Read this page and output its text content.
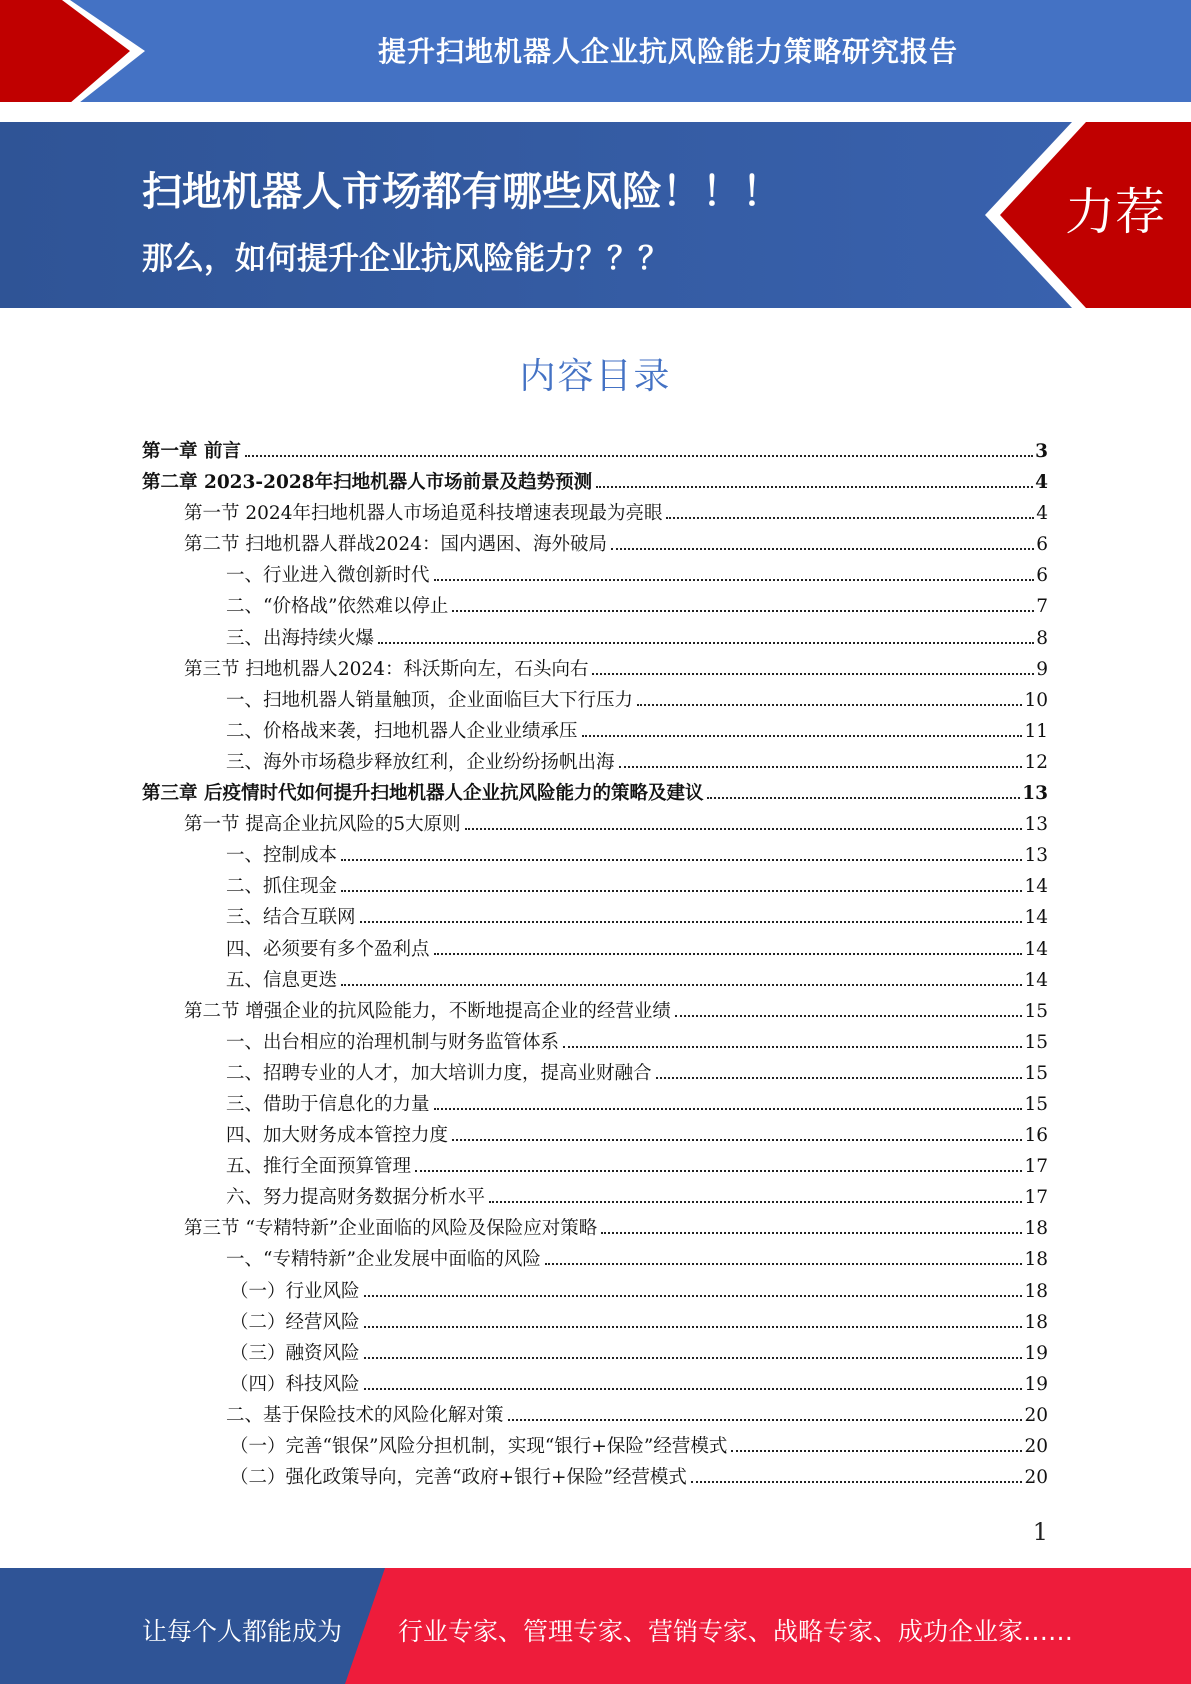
提升扫地机器人企业抗风险能力策略研究报告
扫地机器人市场都有哪些风险！！！
那么，如何提升企业抗风险能力？？？
力荐
内容目录
第一章 前言	3
第二章 2023-2028年扫地机器人市场前景及趋势预测	4
第一节 2024年扫地机器人市场追觅科技增速表现最为亮眼	4
第二节 扫地机器人群战2024：国内遇困、海外破局	6
一、行业进入微创新时代	6
二、“价格战”依然难以停止	7
三、出海持续火爆	8
第三节 扫地机器人2024：科沃斯向左，石头向右	9
一、扫地机器人销量触顶，企业面临巨大下行压力	10
二、价格战来袭，扫地机器人企业业绩承压	11
三、海外市场稳步释放红利，企业纷纷扬帆出海	12
第三章 后疫情时代如何提升扫地机器人企业抗风险能力的策略及建议	13
第一节 提高企业抗风险的5大原则	13
一、控制成本	13
二、抓住现金	14
三、结合互联网	14
四、必须要有多个盈利点	14
五、信息更迭	14
第二节 增强企业的抗风险能力，不断地提高企业的经营业绩	15
一、出台相应的治理机制与财务监管体系	15
二、招聘专业的人才，加大培训力度，提高业财融合	15
三、借助于信息化的力量	15
四、加大财务成本管控力度	16
五、推行全面预算管理	17
六、努力提高财务数据分析水平	17
第三节 “专精特新”企业面临的风险及保险应对策略	18
一、“专精特新”企业发展中面临的风险	18
（一）行业风险	18
（二）经营风险	18
（三）融资风险	19
（四）科技风险	19
二、基于保险技术的风险化解对策	20
（一）完善“银保”风险分担机制，实现“银行+保险”经营模式	20
（二）强化政策导向，完善“政府+银行+保险”经营模式	20
1
让每个人都能成为 行业专家、管理专家、营销专家、战略专家、成功企业家……
